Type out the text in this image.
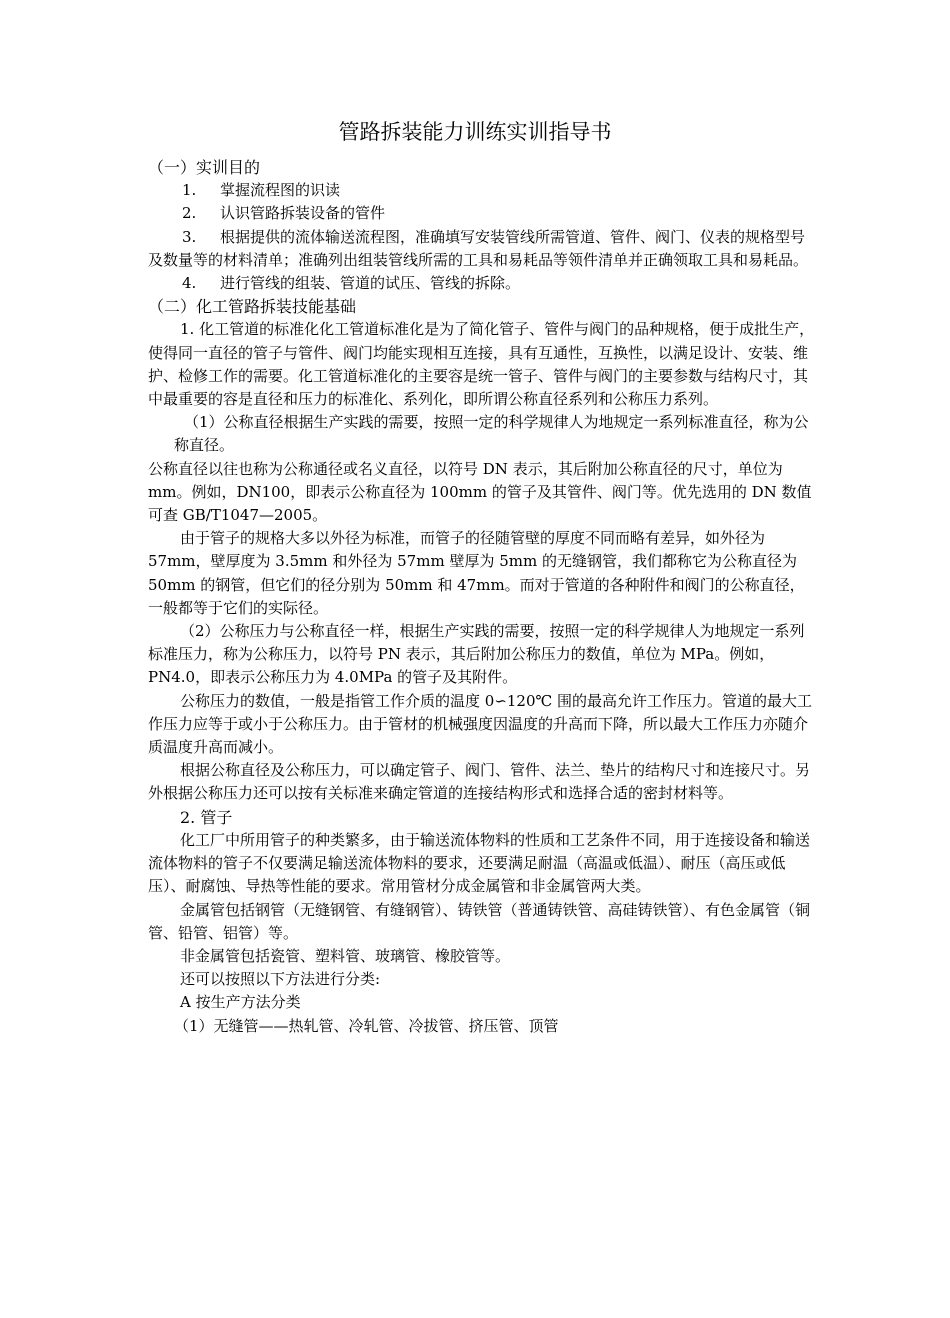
管路拆装能力训练实训指导书

（一）实训目的

1. 掌握流程图的识读

2. 认识管路拆装设备的管件

3. 根据提供的流体输送流程图，准确填写安装管线所需管道、管件、阀门、仪表的规格型号及数量等的材料清单；准确列出组装管线所需的工具和易耗品等领件清单并正确领取工具和易耗品。

4. 进行管线的组装、管道的试压、管线的拆除。

（二）化工管路拆装技能基础

1. 化工管道的标准化化工管道标准化是为了简化管子、管件与阀门的品种规格，便于成批生产，使得同一直径的管子与管件、阀门均能实现相互连接，具有互通性，互换性，以满足设计、安装、维护、检修工作的需要。化工管道标准化的主要容是统一管子、管件与阀门的主要参数与结构尺寸，其中最重要的容是直径和压力的标准化、系列化，即所谓公称直径系列和公称压力系列。

（1）公称直径根据生产实践的需要，按照一定的科学规律人为地规定一系列标准直径，称为公称直径。

公称直径以往也称为公称通径或名义直径，以符号 DN 表示，其后附加公称直径的尺寸，单位为 mm。例如，DN100，即表示公称直径为 100mm 的管子及其管件、阀门等。优先选用的 DN 数值可查 GB/T1047—2005。

由于管子的规格大多以外径为标准，而管子的径随管壁的厚度不同而略有差异，如外径为 57mm，壁厚度为 3.5mm 和外径为 57mm 壁厚为 5mm 的无缝钢管，我们都称它为公称直径为 50mm 的钢管，但它们的径分别为 50mm 和 47mm。而对于管道的各种附件和阀门的公称直径，一般都等于它们的实际径。

（2）公称压力与公称直径一样，根据生产实践的需要，按照一定的科学规律人为地规定一系列标准压力，称为公称压力，以符号 PN 表示，其后附加公称压力的数值，单位为 MPa。例如，PN4.0，即表示公称压力为 4.0MPa 的管子及其附件。

公称压力的数值，一般是指管工作介质的温度 0∽120℃ 围的最高允许工作压力。管道的最大工作压力应等于或小于公称压力。由于管材的机械强度因温度的升高而下降，所以最大工作压力亦随介质温度升高而减小。

根据公称直径及公称压力，可以确定管子、阀门、管件、法兰、垫片的结构尺寸和连接尺寸。另外根据公称压力还可以按有关标准来确定管道的连接结构形式和选择合适的密封材料等。

2. 管子

化工厂中所用管子的种类繁多，由于输送流体物料的性质和工艺条件不同，用于连接设备和输送流体物料的管子不仅要满足输送流体物料的要求，还要满足耐温（高温或低温）、耐压（高压或低压）、耐腐蚀、导热等性能的要求。常用管材分成金属管和非金属管两大类。

金属管包括钢管（无缝钢管、有缝钢管）、铸铁管（普通铸铁管、高硅铸铁管）、有色金属管（铜管、铅管、铝管）等。

非金属管包括瓷管、塑料管、玻璃管、橡胶管等。

还可以按照以下方法进行分类:

A 按生产方法分类

（1）无缝管——热轧管、冷轧管、冷拔管、挤压管、顶管
